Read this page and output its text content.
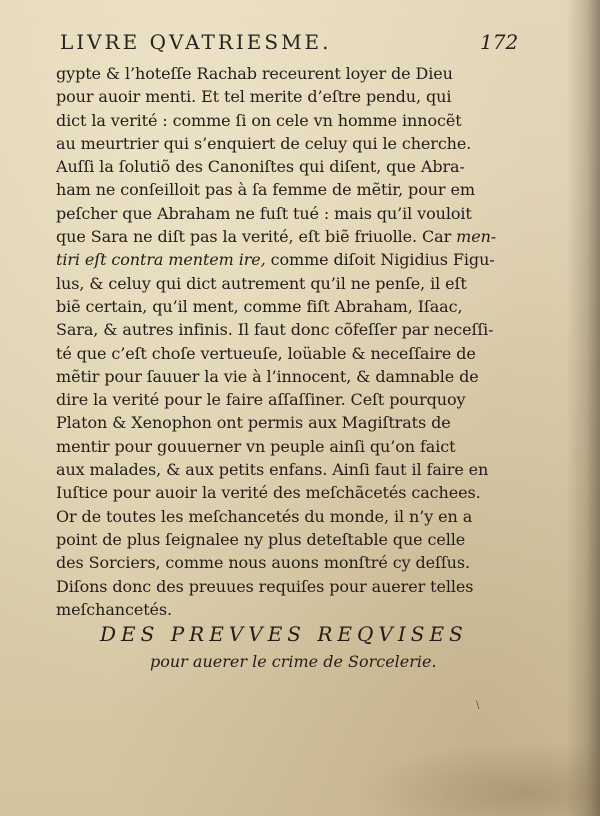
LIVRE QVATRIESME.	172
gypte & l’hoteſſe Rachab receurent loyer de Dieu
pour auoir menti. Et tel merite d’eſtre pendu, qui
dict la verité : comme ſi on cele vn homme innocẽt
au meurtrier qui s’enquiert de celuy qui le cherche.
Auſſi la ſolutiõ des Canoniſtes qui diſent, que Abra-
ham ne conſeilloit pas à ſa femme de mẽtir, pour em
peſcher que Abraham ne fuſt tué : mais qu’il vouloit
que Sara ne diſt pas la verité, eſt biẽ friuolle. Car men-
tiri eſt contra mentem ire, comme diſoit Nigidius Figu-
lus, & celuy qui dict autrement qu’il ne penſe, il eſt
biẽ certain, qu’il ment, comme fiſt Abraham, Iſaac,
Sara, & autres infinis. Il faut donc cõfeſſer par neceſſi-
té que c’eſt choſe vertueuſe, loüable & neceſſaire de
mẽtir pour ſauuer la vie à l’innocent, & damnable de
dire la verité pour le faire aſſaſſiner. Ceſt pourquoy
Platon & Xenophon ont permis aux Magiſtrats de
mentir pour gouuerner vn peuple ainſi qu’on faict
aux malades, & aux petits enfans. Ainſi faut il faire en
Iuſtice pour auoir la verité des meſchãcetés cachees.
Or de toutes les meſchancetés du monde, il n’y en a
point de plus ſeignalee ny plus deteſtable que celle
des Sorciers, comme nous auons monſtré cy deſſus.
Diſons donc des preuues requiſes pour auerer telles
meſchancetés.
DES PREVVES REQVISES
pour auerer le crime de Sorcelerie.
\
